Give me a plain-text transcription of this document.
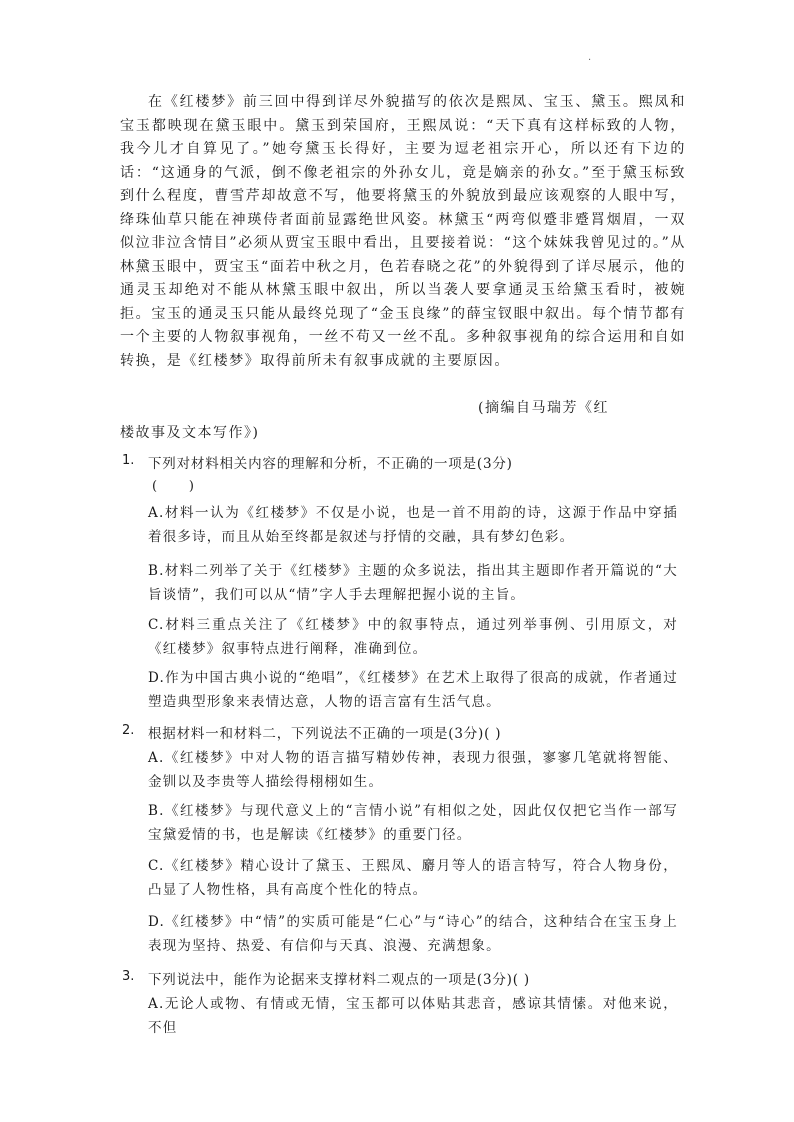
.

在《红楼梦》前三回中得到详尽外貌描写的依次是熙凤、宝玉、黛玉。熙凤和宝玉都映现在黛玉眼中。黛玉到荣国府，王熙凤说：“天下真有这样标致的人物，我今儿才自算见了。”她夸黛玉长得好，主要为逗老祖宗开心，所以还有下边的话：“这通身的气派，倒不像老祖宗的外孙女儿，竟是嫡亲的孙女。”至于黛玉标致到什么程度，曹雪芹却故意不写，他要将黛玉的外貌放到最应该观察的人眼中写，绛珠仙草只能在神瑛侍者面前显露绝世风姿。林黛玉“两弯似蹙非蹙罥烟眉，一双似泣非泣含情目”必须从贾宝玉眼中看出，且要接着说：“这个妹妹我曾见过的。”从林黛玉眼中，贾宝玉“面若中秋之月，色若春晓之花”的外貌得到了详尽展示，他的通灵玉却绝对不能从林黛玉眼中叙出，所以当袭人要拿通灵玉给黛玉看时，被婉拒。宝玉的通灵玉只能从最终兑现了“金玉良缘”的薛宝钗眼中叙出。每个情节都有一个主要的人物叙事视角，一丝不苟又一丝不乱。多种叙事视角的综合运用和自如转换，是《红楼梦》取得前所未有叙事成就的主要原因。

(摘编自马瑞芳《红
楼故事及文本写作》)
1. 下列对材料相关内容的理解和分析，不正确的一项是(3分)
(      )

A.材料一认为《红楼梦》不仅是小说，也是一首不用韵的诗，这源于作品中穿插着很多诗，而且从始至终都是叙述与抒情的交融，具有梦幻色彩。

B.材料二列举了关于《红楼梦》主题的众多说法，指出其主题即作者开篇说的“大旨谈情”，我们可以从“情”字人手去理解把握小说的主旨。

C.材料三重点关注了《红楼梦》中的叙事特点，通过列举事例、引用原文，对《红楼梦》叙事特点进行阐释，准确到位。

D.作为中国古典小说的“绝唱”，《红楼梦》在艺术上取得了很高的成就，作者通过塑造典型形象来表情达意，人物的语言富有生活气息。

2. 根据材料一和材料二，下列说法不正确的一项是(3分)( )

A.《红楼梦》中对人物的语言描写精妙传神，表现力很强，寥寥几笔就将智能、金钏以及李贵等人描绘得栩栩如生。

B.《红楼梦》与现代意义上的“言情小说”有相似之处，因此仅仅把它当作一部写宝黛爱情的书，也是解读《红楼梦》的重要门径。

C.《红楼梦》精心设计了黛玉、王熙凤、麝月等人的语言特写，符合人物身份，凸显了人物性格，具有高度个性化的特点。

D.《红楼梦》中“情”的实质可能是“仁心”与“诗心”的结合，这种结合在宝玉身上表现为坚持、热爱、有信仰与天真、浪漫、充满想象。

3. 下列说法中，能作为论据来支撑材料二观点的一项是(3分)( )

A.无论人或物、有情或无情，宝玉都可以体贴其悲音，感谅其情愫。对他来说，不但
